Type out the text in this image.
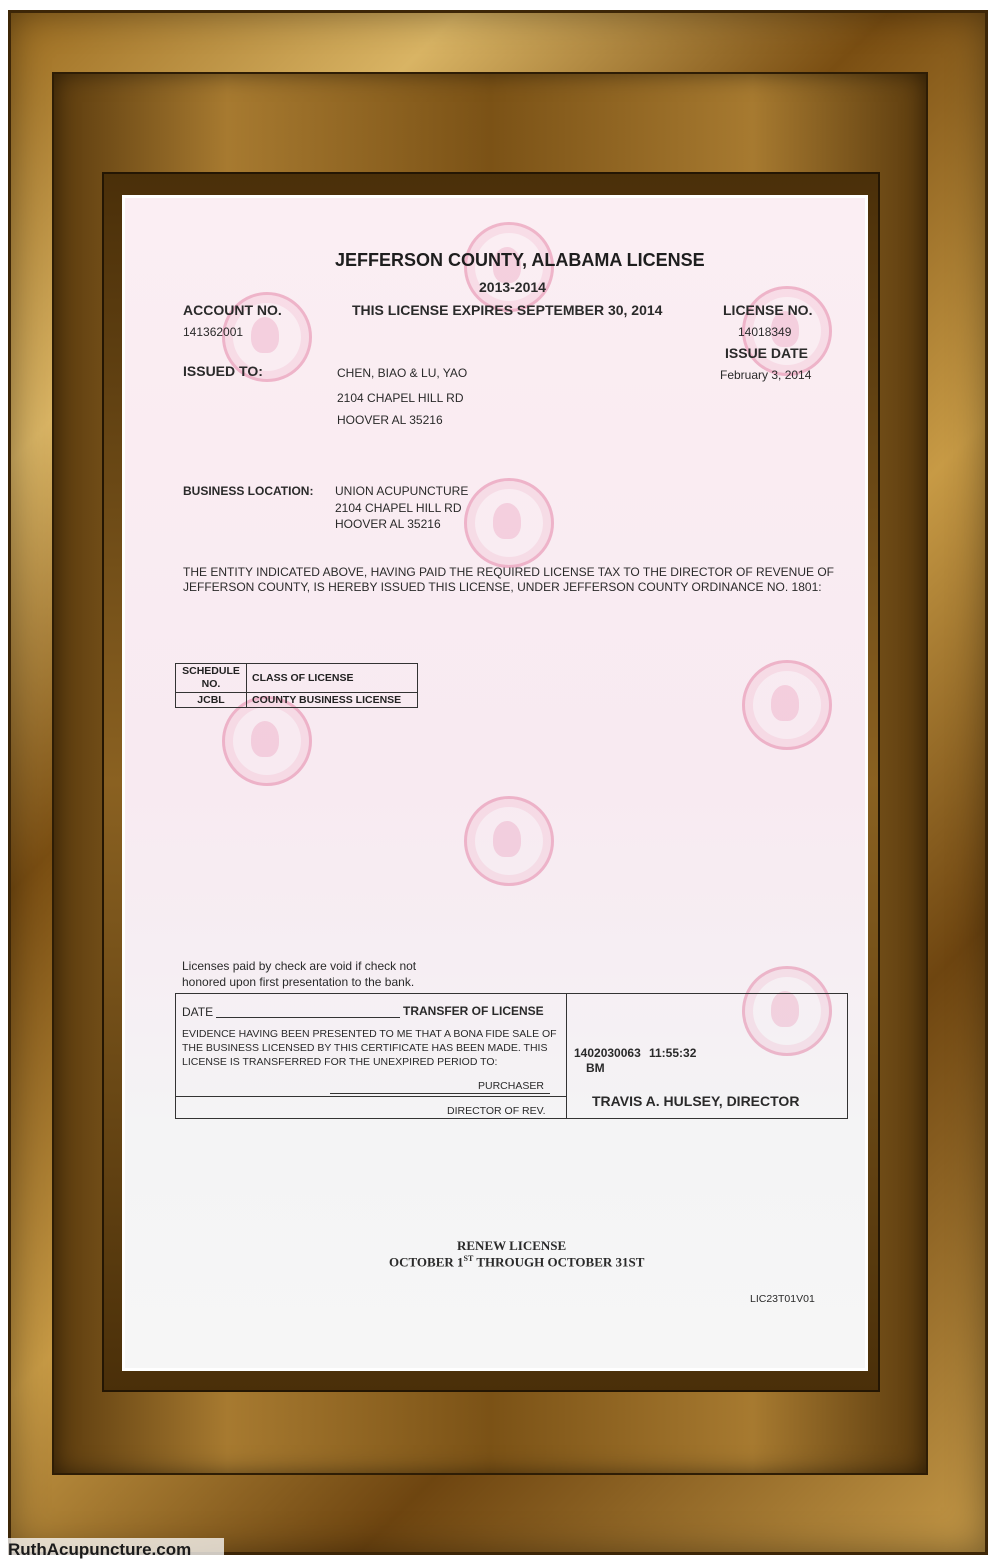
JEFFERSON COUNTY, ALABAMA LICENSE
2013-2014
THIS LICENSE EXPIRES SEPTEMBER 30, 2014
ACCOUNT NO.
141362001
LICENSE NO.
14018349
ISSUE DATE
February 3, 2014
ISSUED TO:	CHEN, BIAO & LU, YAO
2104 CHAPEL HILL RD
HOOVER AL 35216
BUSINESS LOCATION: UNION ACUPUNCTURE
2104 CHAPEL HILL RD
HOOVER AL 35216
THE ENTITY INDICATED ABOVE, HAVING PAID THE REQUIRED LICENSE TAX TO THE DIRECTOR OF REVENUE OF
JEFFERSON COUNTY, IS HEREBY ISSUED THIS LICENSE, UNDER JEFFERSON COUNTY ORDINANCE NO. 1801:
SCHEDULE
NO.	CLASS OF LICENSE
JCBL	COUNTY BUSINESS LICENSE
Licenses paid by check are void if check not
honored upon first presentation to the bank.
DATE	TRANSFER OF LICENSE
EVIDENCE HAVING BEEN PRESENTED TO ME THAT A BONA FIDE SALE OF
THE BUSINESS LICENSED BY THIS CERTIFICATE HAS BEEN MADE. THIS
LICENSE IS TRANSFERRED FOR THE UNEXPIRED PERIOD TO:
PURCHASER
DIRECTOR OF REV.
1402030063 11:55:32
BM
TRAVIS A. HULSEY, DIRECTOR
RENEW LICENSE
OCTOBER 1ST THROUGH OCTOBER 31ST
LIC23T01V01
RuthAcupuncture.com
